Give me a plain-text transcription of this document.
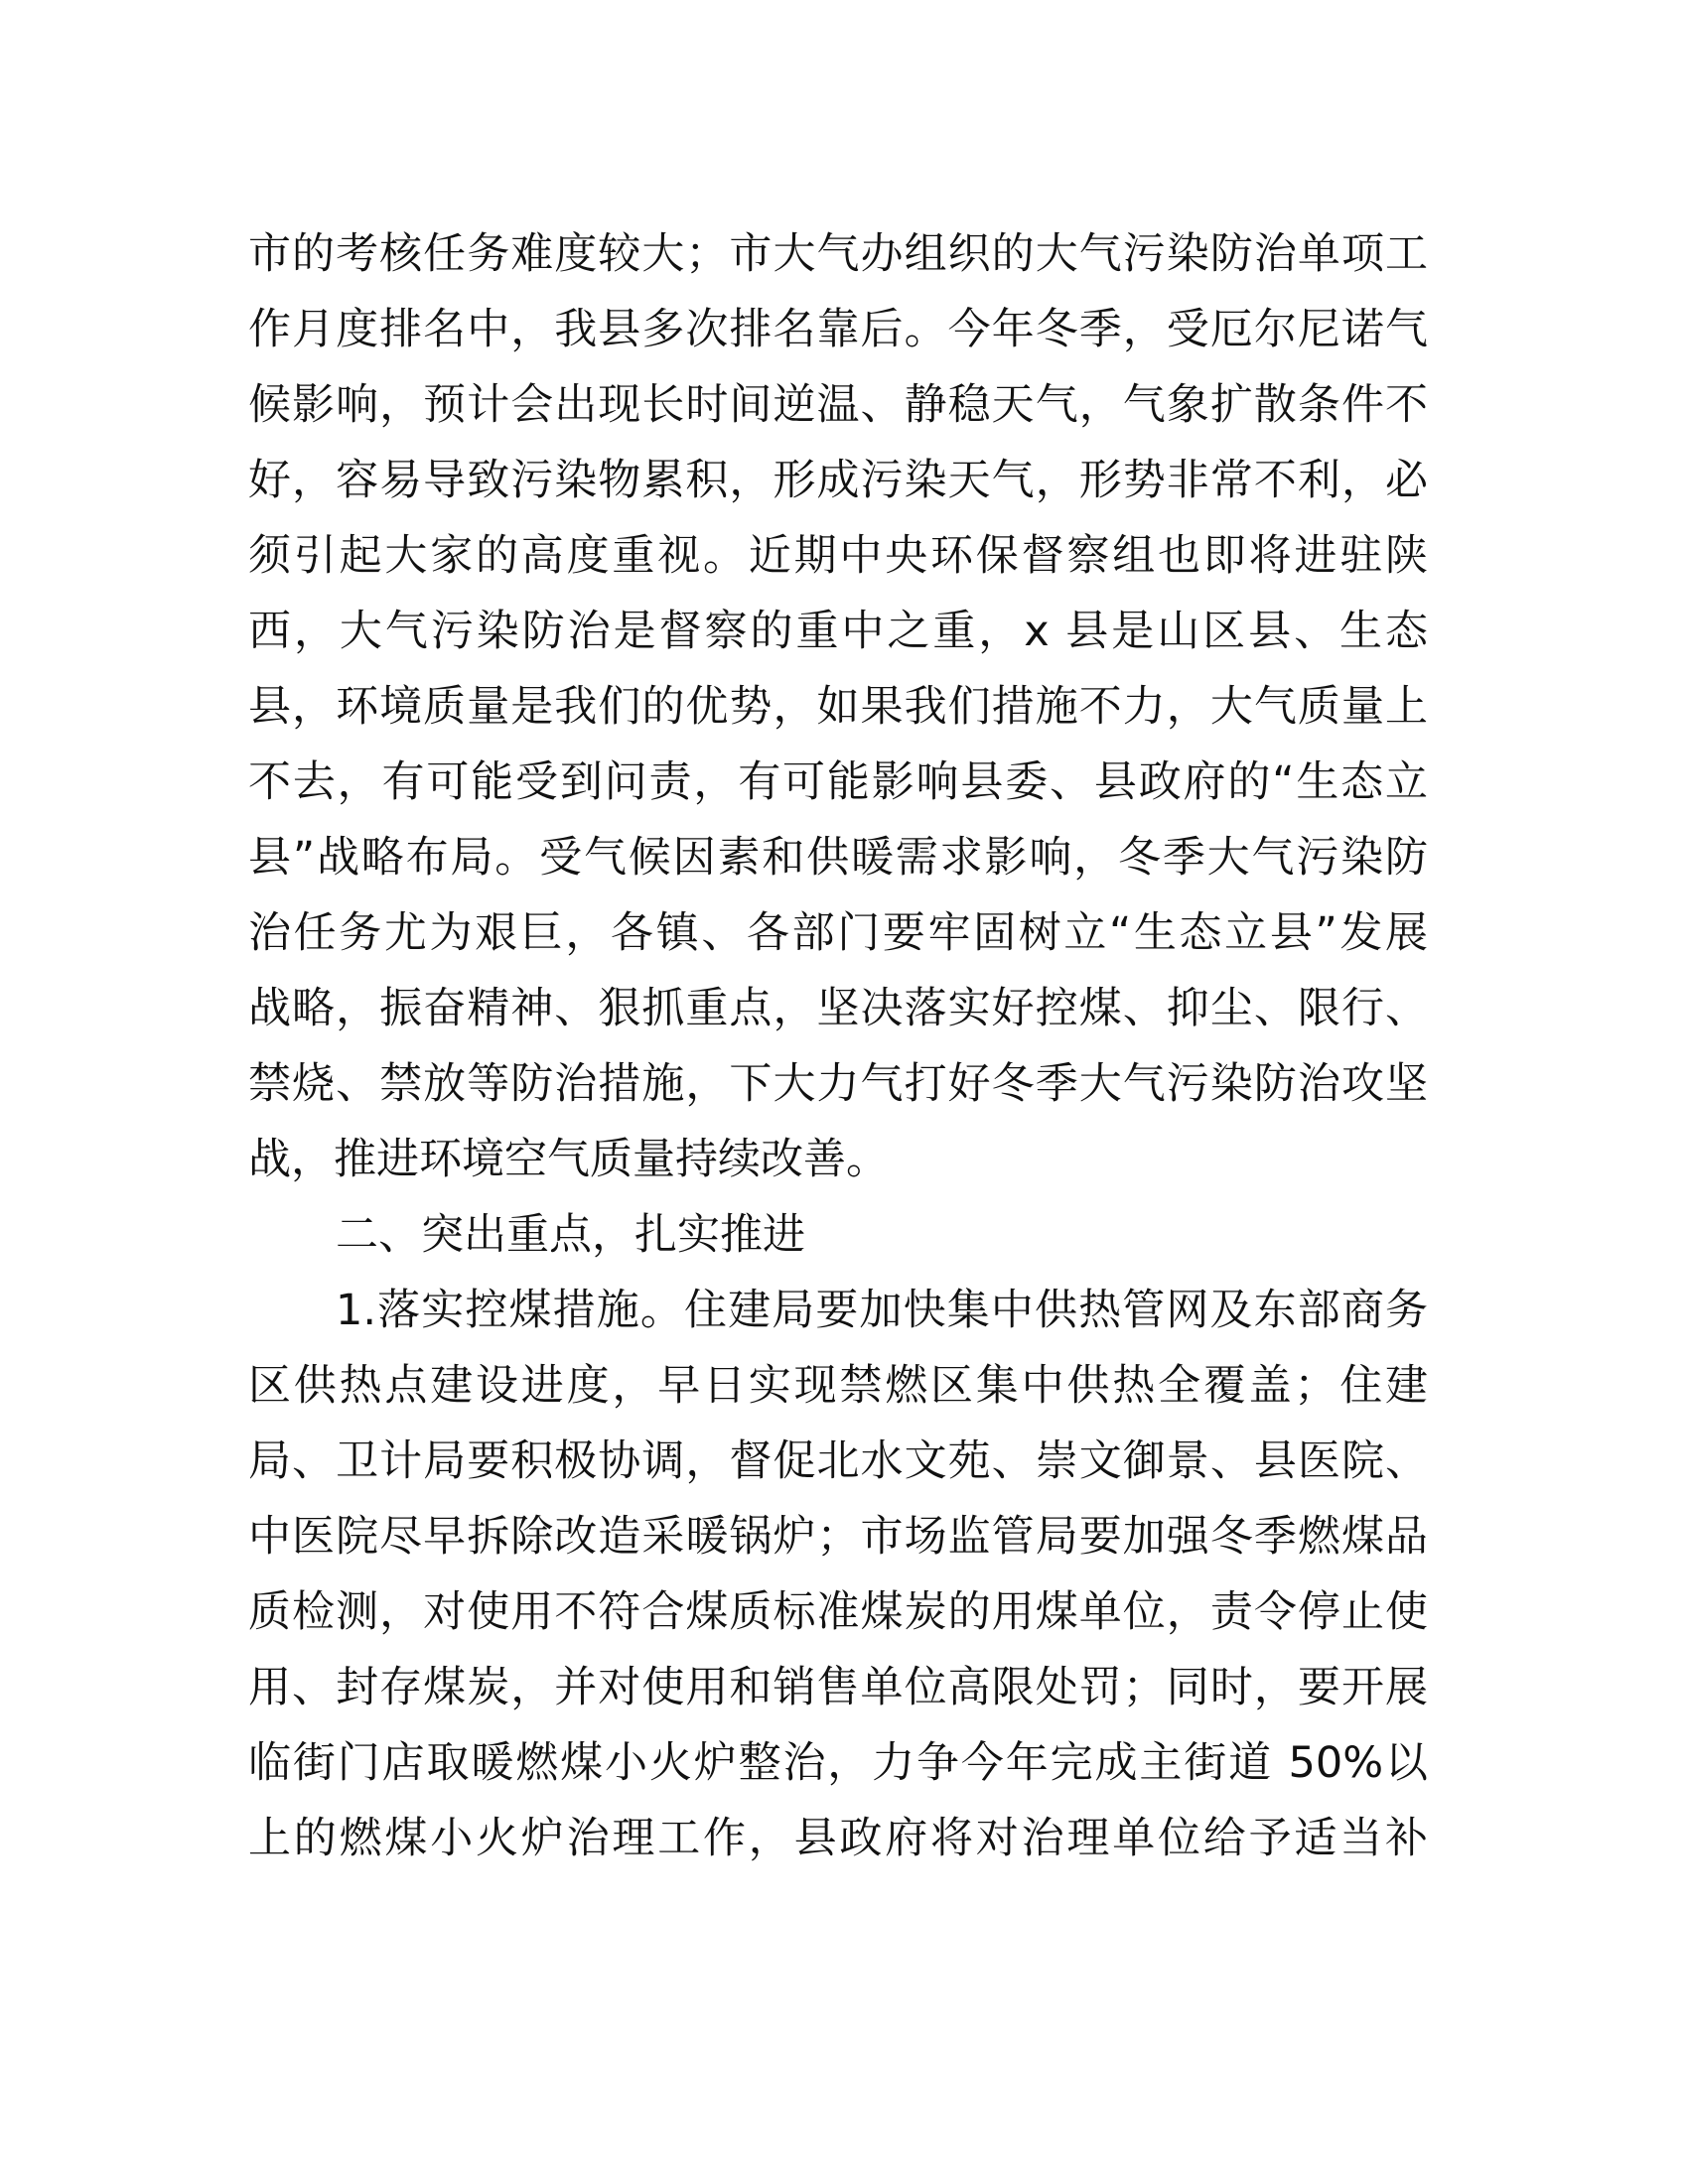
市的考核任务难度较大；市大气办组织的大气污染防治单项工
作月度排名中，我县多次排名靠后。今年冬季，受厄尔尼诺气
候影响，预计会出现长时间逆温、静稳天气，气象扩散条件不
好，容易导致污染物累积，形成污染天气，形势非常不利，必
须引起大家的高度重视。近期中央环保督察组也即将进驻陕
西，大气污染防治是督察的重中之重，x 县是山区县、生态
县，环境质量是我们的优势，如果我们措施不力，大气质量上
不去，有可能受到问责，有可能影响县委、县政府的“生态立
县”战略布局。受气候因素和供暖需求影响，冬季大气污染防
治任务尤为艰巨，各镇、各部门要牢固树立“生态立县”发展
战略，振奋精神、狠抓重点，坚决落实好控煤、抑尘、限行、
禁烧、禁放等防治措施，下大力气打好冬季大气污染防治攻坚
战，推进环境空气质量持续改善。
二、突出重点，扎实推进
1.落实控煤措施。住建局要加快集中供热管网及东部商务
区供热点建设进度，早日实现禁燃区集中供热全覆盖；住建
局、卫计局要积极协调，督促北水文苑、崇文御景、县医院、
中医院尽早拆除改造采暖锅炉；市场监管局要加强冬季燃煤品
质检测，对使用不符合煤质标准煤炭的用煤单位，责令停止使
用、封存煤炭，并对使用和销售单位高限处罚；同时，要开展
临街门店取暖燃煤小火炉整治，力争今年完成主街道 50%以
上的燃煤小火炉治理工作，县政府将对治理单位给予适当补
